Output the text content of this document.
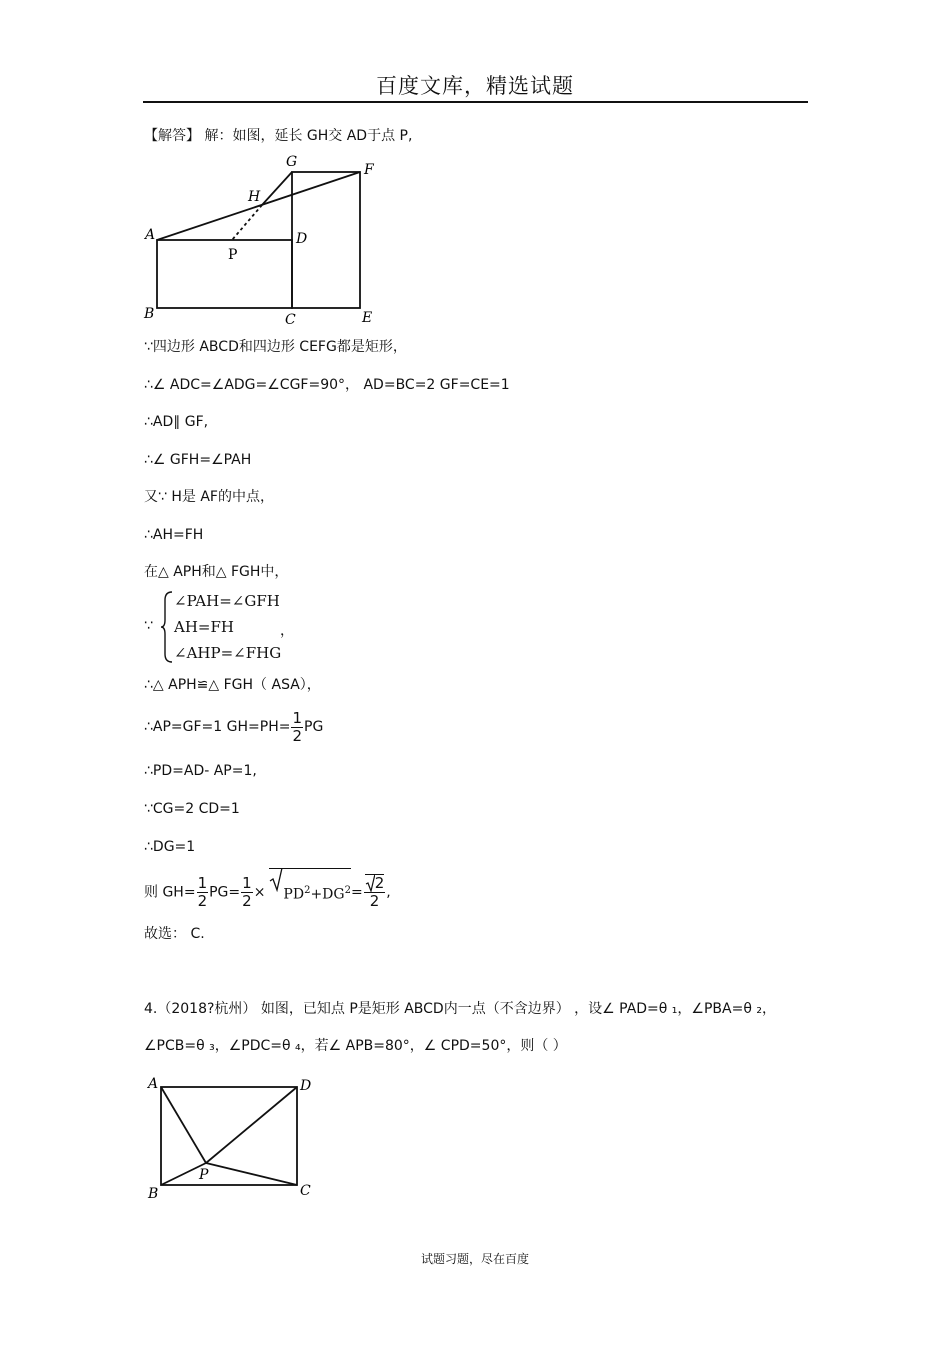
百度文库，精选试题
【解答】 解：如图，延长 GH交 AD于点 P,
G	F
H
A	D
P
B	C	E
∵四边形 ABCD和四边形 CEFG都是矩形，
∴∠ ADC=∠ADG=∠CGF=90°， AD=BC=2 GF=CE=1
∴AD∥ GF,
∴∠ GFH=∠PAH
又∵ H是 AF的中点，
∴AH=FH
在△ APH和△ FGH中，
∵
∠PAH=∠GFH
AH=FH
∠AHP=∠FHG
，
∴△ APH≌△ FGH（ ASA），
∴AP=GF=1 $GH=PH= \frac{1}{2}$ PG
∴PD=AD- AP=1,
∵CG=2 CD=1
∴DG=1
则 $GH= \frac{1}{2} PG= \frac{1}{2} \times PD^2+DG^2= \frac{2}{2}$ ,
故选： C.
4.（2018?杭州） 如图，已知点 P是矩形 ABCD内一点（不含边界） ，设∠ PAD=θ ₁，∠PBA=θ ₂，
∠PCB=θ ₃，∠PDC=θ ₄，若∠ APB=80°，∠ CPD=50°，则（ ）
A	D
P
B	C
试题习题，尽在百度
